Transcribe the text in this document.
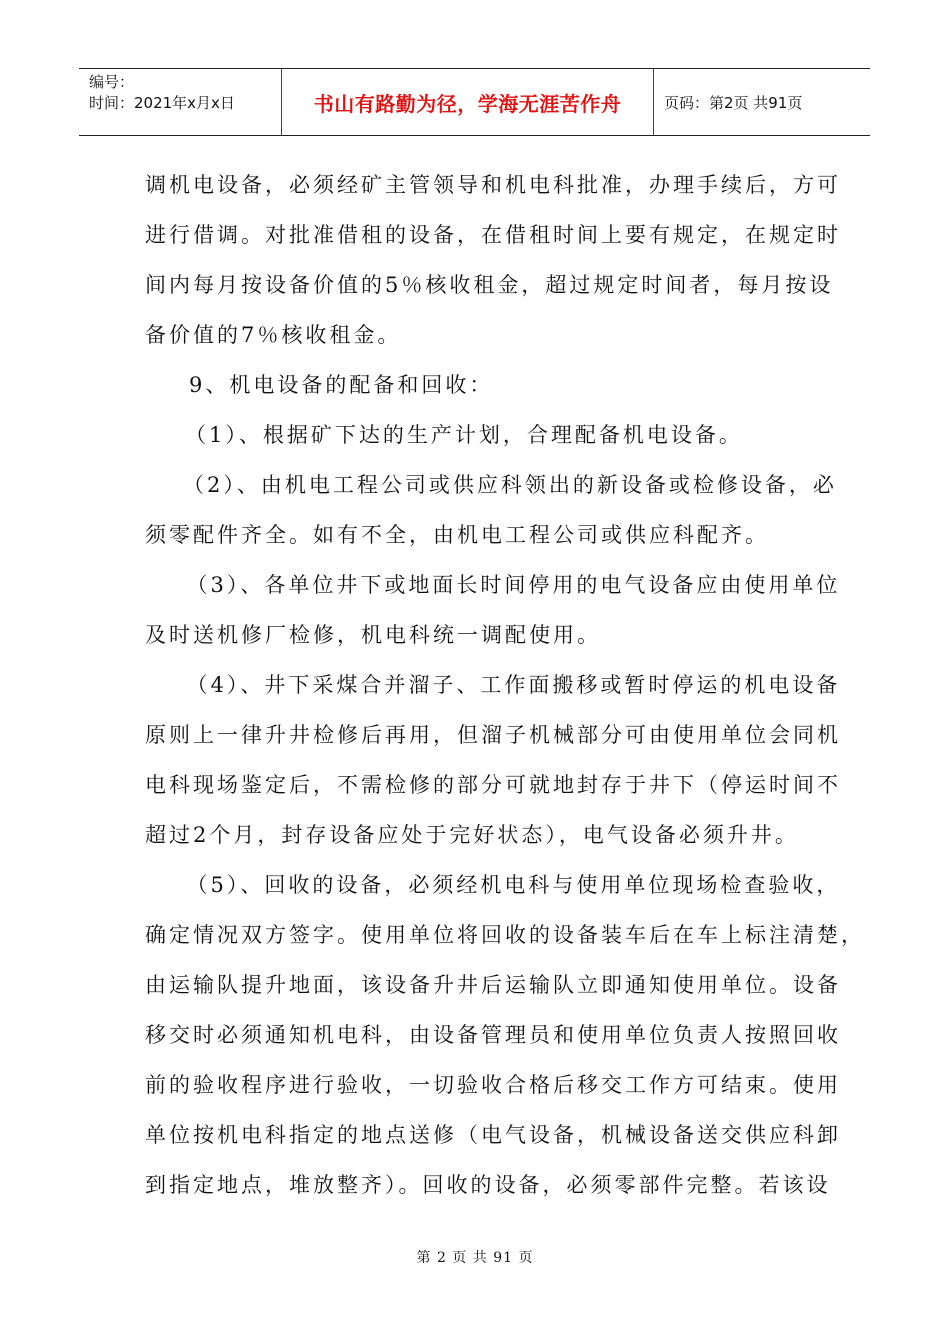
编号：
时间：2021年x月x日	书山有路勤为径，学海无涯苦作舟	页码：第2页 共91页
调机电设备，必须经矿主管领导和机电科批准，办理手续后，方可
进行借调。对批准借租的设备，在借租时间上要有规定，在规定时
间内每月按设备价值的5％核收租金，超过规定时间者，每月按设
备价值的7％核收租金。
　9、机电设备的配备和回收：
（1）、根据矿下达的生产计划，合理配备机电设备。
（2）、由机电工程公司或供应科领出的新设备或检修设备，必
须零配件齐全。如有不全，由机电工程公司或供应科配齐。
　（3）、各单位井下或地面长时间停用的电气设备应由使用单位
及时送机修厂检修，机电科统一调配使用。
　（4）、井下采煤合并溜子、工作面搬移或暂时停运的机电设备
原则上一律升井检修后再用，但溜子机械部分可由使用单位会同机
电科现场鉴定后，不需检修的部分可就地封存于井下（停运时间不
超过2个月，封存设备应处于完好状态），电气设备必须升井。
　（5）、回收的设备，必须经机电科与使用单位现场检查验收，
确定情况双方签字。使用单位将回收的设备装车后在车上标注清楚，
由运输队提升地面，该设备升井后运输队立即通知使用单位。设备
移交时必须通知机电科，由设备管理员和使用单位负责人按照回收
前的验收程序进行验收，一切验收合格后移交工作方可结束。使用
单位按机电科指定的地点送修（电气设备，机械设备送交供应科卸
到指定地点，堆放整齐）。回收的设备，必须零部件完整。若该设
第 2 页 共 91 页
